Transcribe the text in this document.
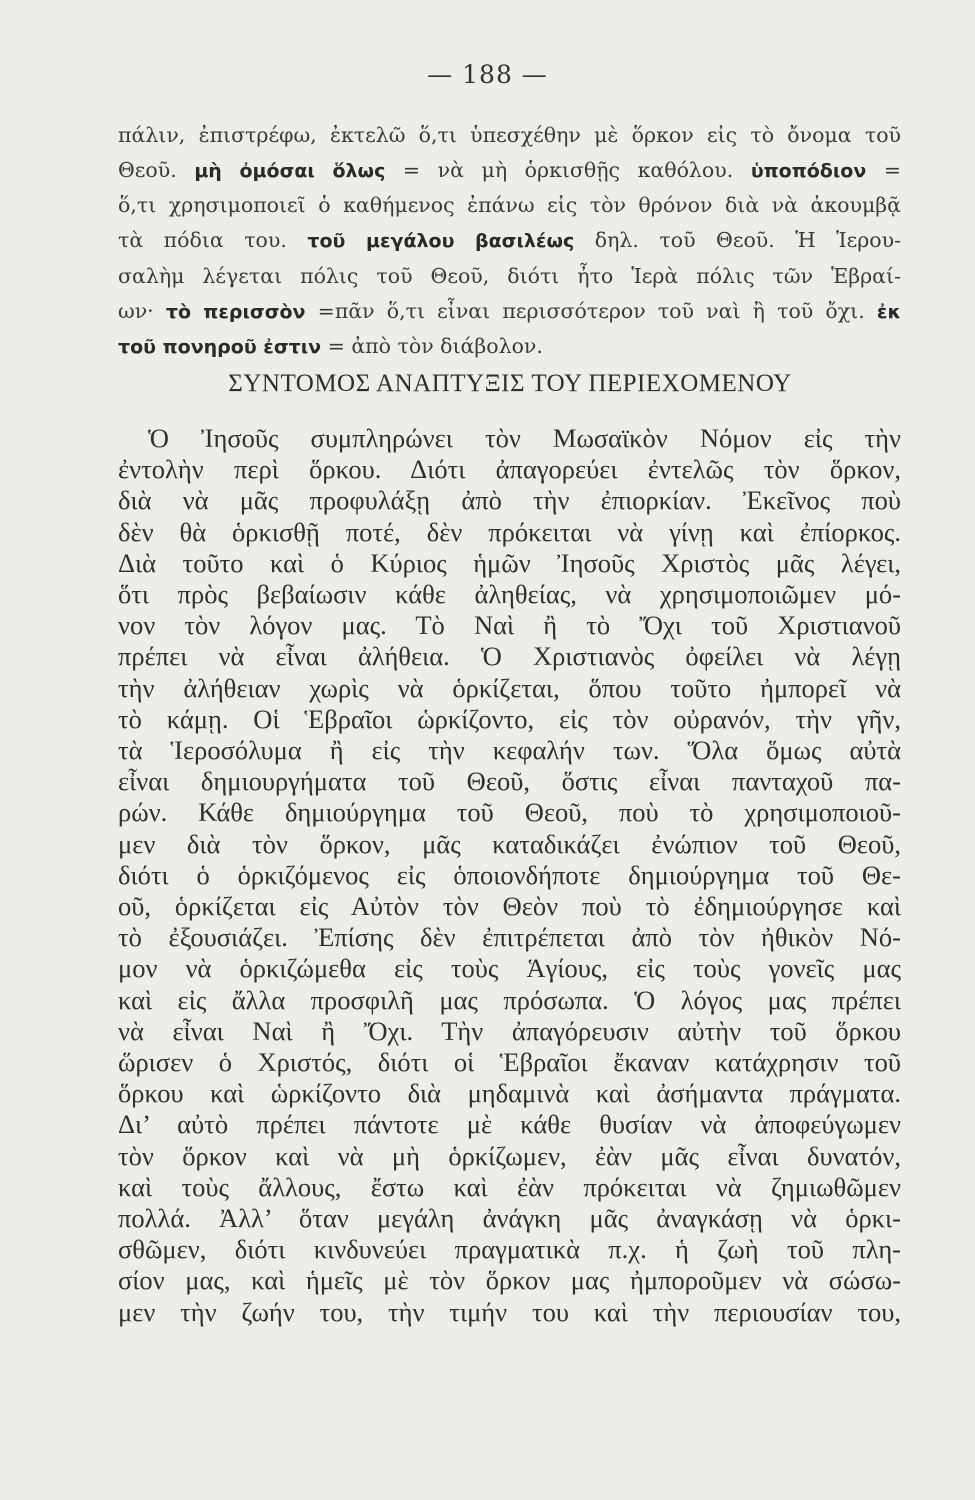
— 188 —
πάλιν, ἐπιστρέφω, ἐκτελῶ ὅ,τι ὑπεσχέθην μὲ ὅρκον εἰς τὸ ὄνομα τοῦ
Θεοῦ. μὴ ὀμόσαι ὅλως = νὰ μὴ ὁρκισθῇς καθόλου. ὑποπόδιον =
ὅ,τι χρησιμοποιεῖ ὁ καθήμενος ἐπάνω εἰς τὸν θρόνον διὰ νὰ ἀκουμβᾷ
τὰ πόδια του. τοῦ μεγάλου βασιλέως δηλ. τοῦ Θεοῦ. Ἡ Ἱερου-
σαλὴμ λέγεται πόλις τοῦ Θεοῦ, διότι ἦτο Ἱερὰ πόλις τῶν Ἑβραί-
ων· τὸ περισσὸν =πᾶν ὅ,τι εἶναι περισσότερον τοῦ ναὶ ἢ τοῦ ὄχι. ἐκ
τοῦ πονηροῦ ἐστιν = ἀπὸ τὸν διάβολον.
ΣΥΝΤΟΜΟΣ ΑΝΑΠΤΥΞΙΣ ΤΟΥ ΠΕΡΙΕΧΟΜΕΝΟΥ
Ὁ Ἰησοῦς συμπληρώνει τὸν Μωσαϊκὸν Νόμον εἰς τὴν
ἐντολὴν περὶ ὅρκου. Διότι ἀπαγορεύει ἐντελῶς τὸν ὅρκον,
διὰ νὰ μᾶς προφυλάξῃ ἀπὸ τὴν ἐπιορκίαν. Ἐκεῖνος ποὺ
δὲν θὰ ὁρκισθῇ ποτέ, δὲν πρόκειται νὰ γίνῃ καὶ ἐπίορκος.
Διὰ τοῦτο καὶ ὁ Κύριος ἡμῶν Ἰησοῦς Χριστὸς μᾶς λέγει,
ὅτι πρὸς βεβαίωσιν κάθε ἀληθείας, νὰ χρησιμοποιῶμεν μό-
νον τὸν λόγον μας. Τὸ Ναὶ ἢ τὸ Ὄχι τοῦ Χριστιανοῦ
πρέπει νὰ εἶναι ἀλήθεια. Ὁ Χριστιανὸς ὀφείλει νὰ λέγῃ
τὴν ἀλήθειαν χωρὶς νὰ ὁρκίζεται, ὅπου τοῦτο ἠμπορεῖ νὰ
τὸ κάμῃ. Οἱ Ἑβραῖοι ὡρκίζοντο, εἰς τὸν οὐρανόν, τὴν γῆν,
τὰ Ἱεροσόλυμα ἢ εἰς τὴν κεφαλήν των. Ὅλα ὅμως αὐτὰ
εἶναι δημιουργήματα τοῦ Θεοῦ, ὅστις εἶναι πανταχοῦ πα-
ρών. Κάθε δημιούργημα τοῦ Θεοῦ, ποὺ τὸ χρησιμοποιοῦ-
μεν διὰ τὸν ὅρκον, μᾶς καταδικάζει ἐνώπιον τοῦ Θεοῦ,
διότι ὁ ὁρκιζόμενος εἰς ὁποιονδήποτε δημιούργημα τοῦ Θε-
οῦ, ὁρκίζεται εἰς Αὐτὸν τὸν Θεὸν ποὺ τὸ ἐδημιούργησε καὶ
τὸ ἐξουσιάζει. Ἐπίσης δὲν ἐπιτρέπεται ἀπὸ τὸν ἠθικὸν Νό-
μον νὰ ὁρκιζώμεθα εἰς τοὺς Ἁγίους, εἰς τοὺς γονεῖς μας
καὶ εἰς ἄλλα προσφιλῆ μας πρόσωπα. Ὁ λόγος μας πρέπει
νὰ εἶναι Ναὶ ἢ Ὄχι. Τὴν ἀπαγόρευσιν αὐτὴν τοῦ ὅρκου
ὥρισεν ὁ Χριστός, διότι οἱ Ἑβραῖοι ἔκαναν κατάχρησιν τοῦ
ὅρκου καὶ ὡρκίζοντο διὰ μηδαμινὰ καὶ ἀσήμαντα πράγματα.
Δι’ αὐτὸ πρέπει πάντοτε μὲ κάθε θυσίαν νὰ ἀποφεύγωμεν
τὸν ὅρκον καὶ νὰ μὴ ὁρκίζωμεν, ἐὰν μᾶς εἶναι δυνατόν,
καὶ τοὺς ἄλλους, ἔστω καὶ ἐὰν πρόκειται νὰ ζημιωθῶμεν
πολλά. Ἀλλ’ ὅταν μεγάλη ἀνάγκη μᾶς ἀναγκάσῃ νὰ ὁρκι-
σθῶμεν, διότι κινδυνεύει πραγματικὰ π.χ. ἡ ζωὴ τοῦ πλη-
σίον μας, καὶ ἡμεῖς μὲ τὸν ὅρκον μας ἠμποροῦμεν νὰ σώσω-
μεν τὴν ζωήν του, τὴν τιμήν του καὶ τὴν περιουσίαν του,
